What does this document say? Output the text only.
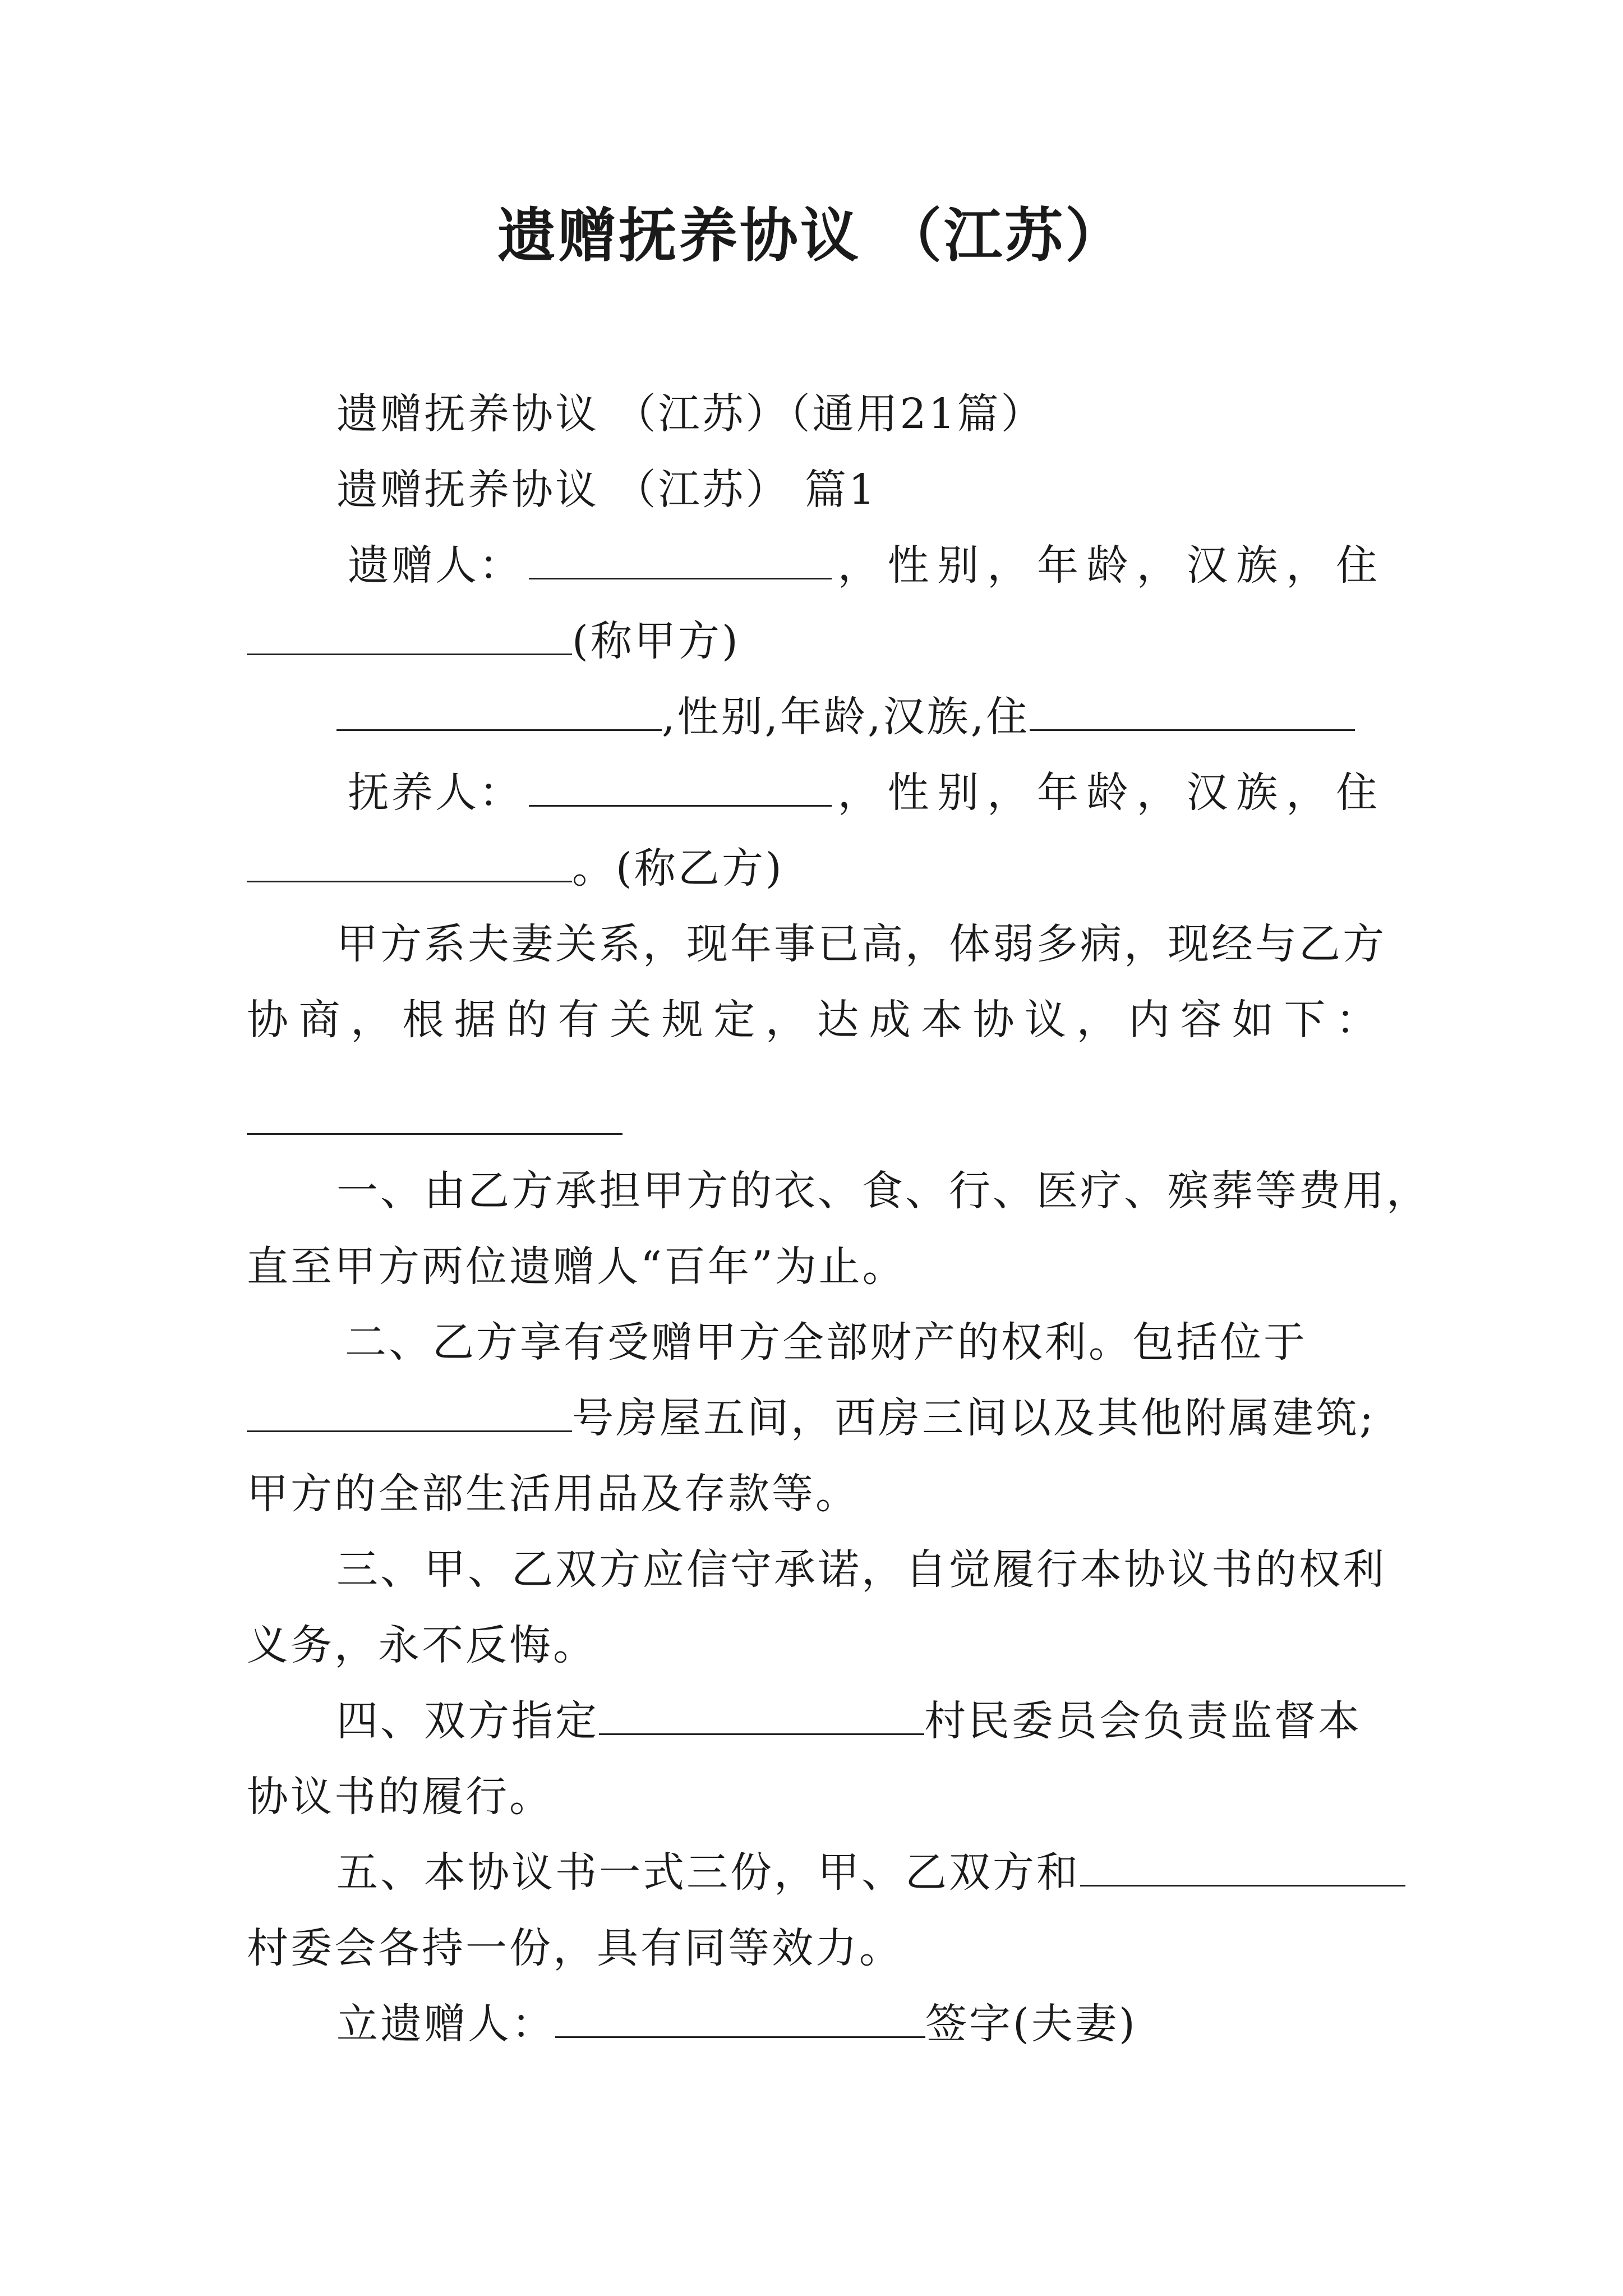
遗赠抚养协议 （江苏）
遗赠抚养协议 （江苏）（通用21篇）
遗赠抚养协议 （江苏） 篇1
遗赠人：	， 性 别 ， 年 龄 ， 汉 族 ， 住
(称甲方)
,性别,年龄,汉族,住
抚养人：	， 性 别 ， 年 龄 ， 汉 族 ， 住
。(称乙方)
甲方系夫妻关系，现年事已高，体弱多病，现经与乙方
协 商 ， 根 据 的 有 关 规 定 ， 达 成 本 协 议 ， 内 容 如 下 ：
一、由乙方承担甲方的衣、食、行、医疗、殡葬等费用，
直至甲方两位遗赠人“百年”为止。
二、乙方享有受赠甲方全部财产的权利。包括位于
号房屋五间，西房三间以及其他附属建筑;
甲方的全部生活用品及存款等。
三、甲、乙双方应信守承诺，自觉履行本协议书的权利
义务，永不反悔。
四、双方指定	村民委员会负责监督本
协议书的履行。
五、本协议书一式三份，甲、乙双方和
村委会各持一份，具有同等效力。
立遗赠人：	签字(夫妻)
